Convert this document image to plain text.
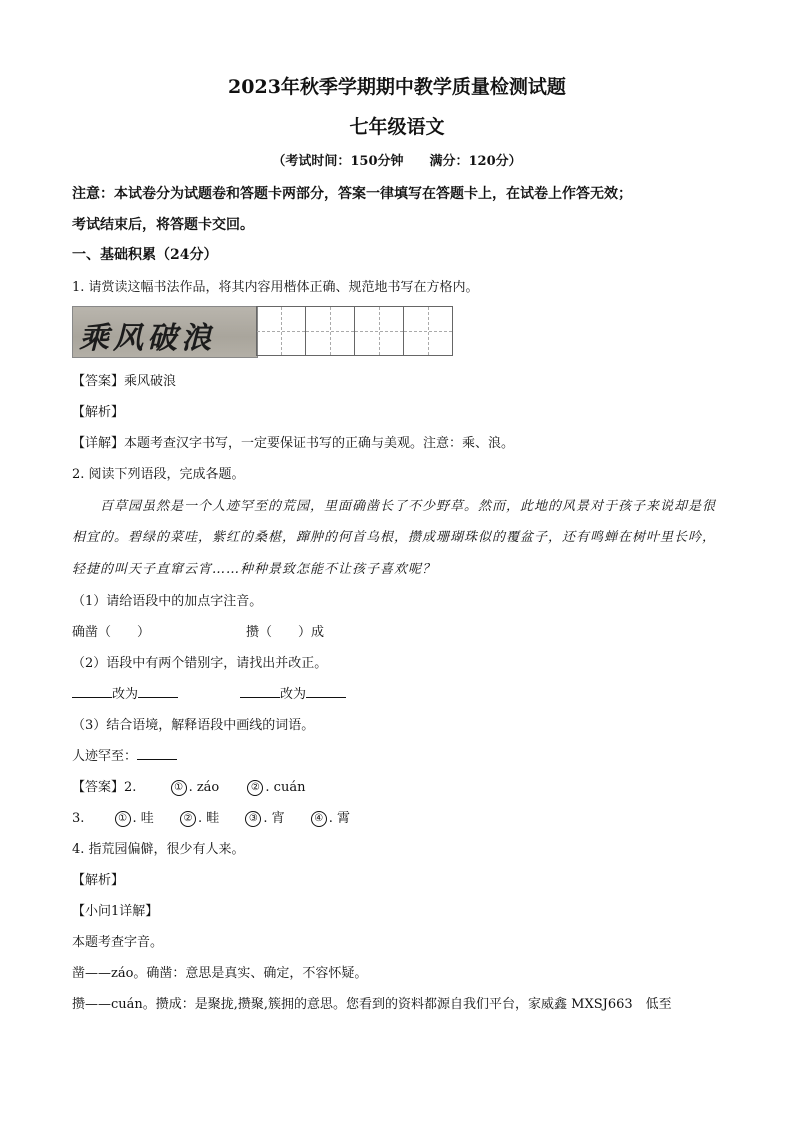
2023年秋季学期期中教学质量检测试题
七年级语文
（考试时间：150分钟　　满分：120分）
注意：本试卷分为试题卷和答题卡两部分，答案一律填写在答题卡上，在试卷上作答无效；
考试结束后，将答题卡交回。
一、基础积累（24分）
1. 请赏读这幅书法作品，将其内容用楷体正确、规范地书写在方格内。
乘风破浪
【答案】乘风破浪
【解析】
【详解】本题考查汉字书写，一定要保证书写的正确与美观。注意：乘、浪。
2. 阅读下列语段，完成各题。
百草园虽然是一个人迹罕至的荒园，里面确凿长了不少野草。然而，此地的风景对于孩子来说却是很
相宜的。碧绿的菜哇，紫红的桑椹，蹿肿的何首乌根，攒成珊瑚珠似的覆盆子，还有鸣蝉在树叶里长吟，
轻捷的叫天子直窜云宵……种种景致怎能不让孩子喜欢呢？
（1）请给语段中的加点字注音。
确凿（　　）	攒（　　）成
（2）语段中有两个错别字，请找出并改正。
改为	改为
（3）结合语境，解释语段中画线的词语。
人迹罕至：
【答案】2.	① . záo	② . cuán
3.	① . 哇	② . 畦	③ . 宵	④ . 霄
4. 指荒园偏僻，很少有人来。
【解析】
【小问1详解】
本题考查字音。
凿——záo。确凿：意思是真实、确定，不容怀疑。
攒——cuán。攒成：是聚拢,攒聚,簇拥的意思。您看到的资料都源自我们平台，家威鑫 MXSJ663　低至
